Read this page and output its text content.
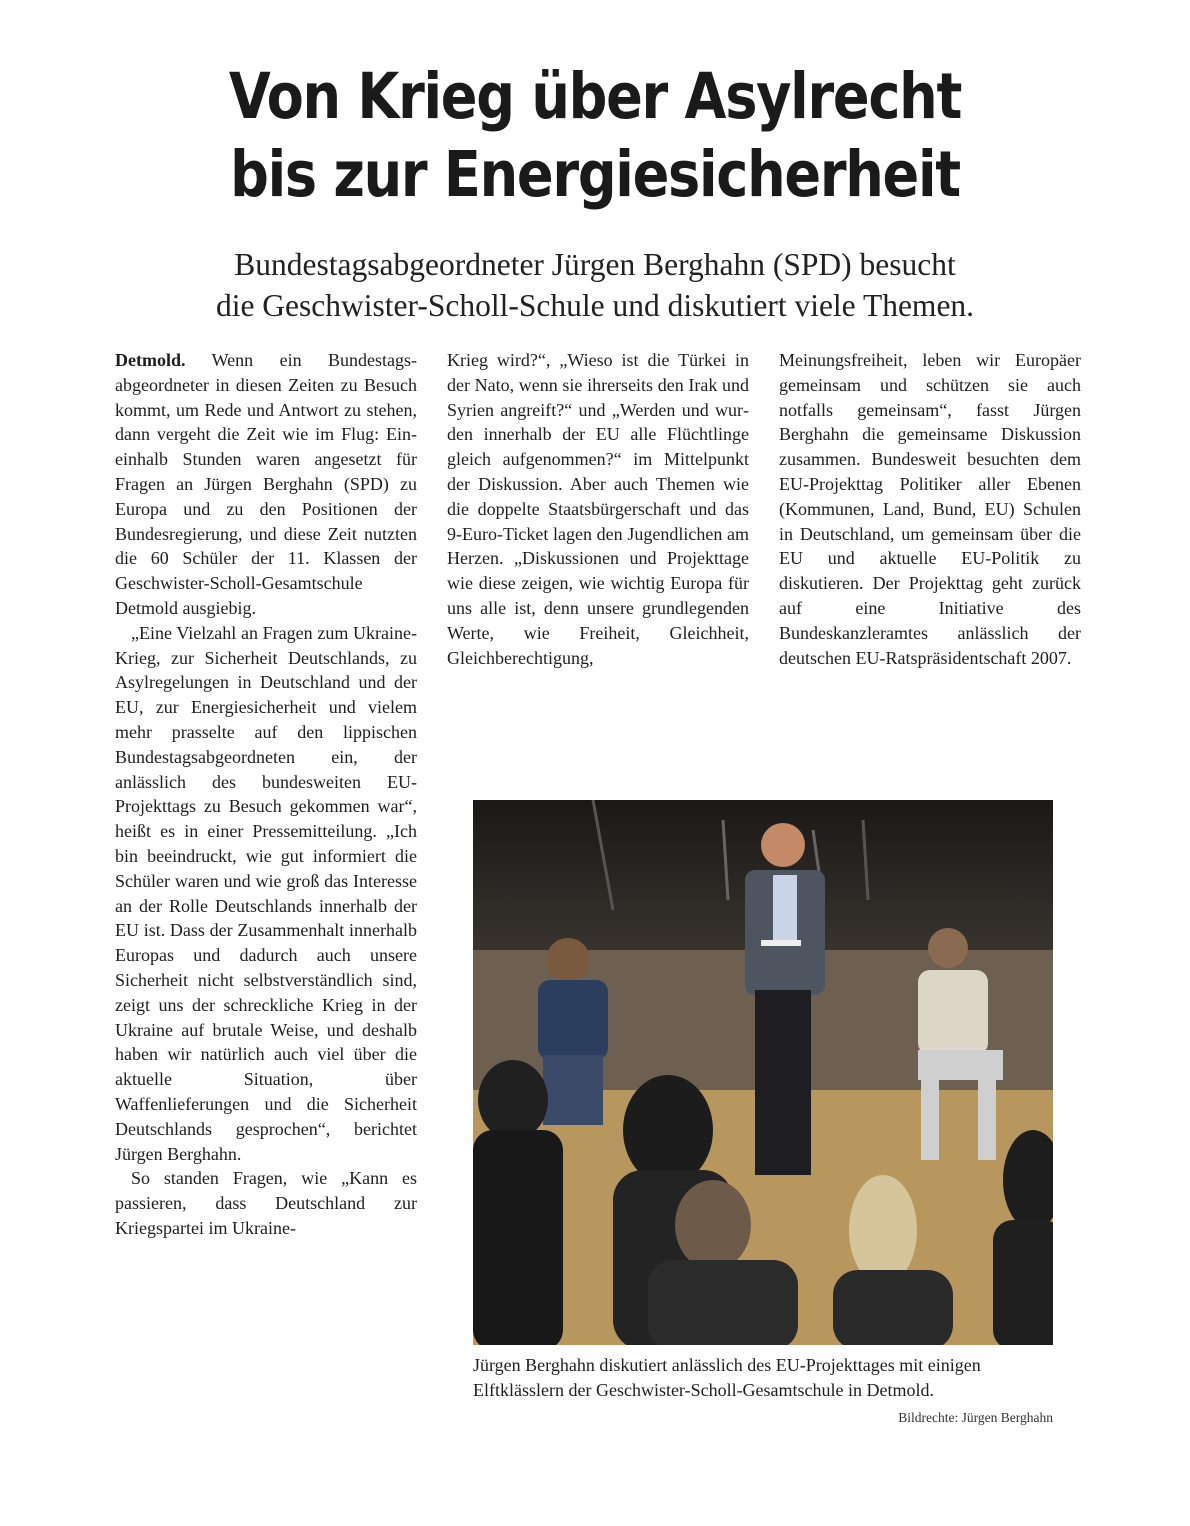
Von Krieg über Asylrecht
bis zur Energiesicherheit
Bundestagsabgeordneter Jürgen Berghahn (SPD) besucht
die Geschwister-Scholl-Schule und diskutiert viele Themen.

Detmold. Wenn ein Bundestagsabgeordneter in diesen Zeiten zu Besuch kommt, um Rede und Antwort zu stehen, dann vergeht die Zeit wie im Flug: Eineinhalb Stunden waren angesetzt für Fragen an Jürgen Berghahn (SPD) zu Europa und zu den Positionen der Bundesregierung, und diese Zeit nutzten die 60 Schüler der 11. Klassen der Geschwister-Scholl-Gesamtschule Detmold ausgiebig.

„Eine Vielzahl an Fragen zum Ukraine-Krieg, zur Sicherheit Deutschlands, zu Asylregelungen in Deutschland und der EU, zur Energiesicherheit und vielem mehr prasselte auf den lippischen Bundestagsabgeordneten ein, der anlässlich des bundesweiten EU-Projekttags zu Besuch gekommen war“, heißt es in einer Pressemitteilung. „Ich bin beeindruckt, wie gut informiert die Schüler waren und wie groß das Interesse an der Rolle Deutschlands innerhalb der EU ist. Dass der Zusammenhalt innerhalb Europas und dadurch auch unsere Sicherheit nicht selbstverständlich sind, zeigt uns der schreckliche Krieg in der Ukraine auf brutale Weise, und deshalb haben wir natürlich auch viel über die aktuelle Situation, über Waffenlieferungen und die Sicherheit Deutschlands gesprochen“, berichtet Jürgen Berghahn.

So standen Fragen, wie „Kann es passieren, dass Deutschland zur Kriegspartei im Ukraine-

Krieg wird?“, „Wieso ist die Türkei in der Nato, wenn sie ihrerseits den Irak und Syrien angreift?“ und „Werden und wurden innerhalb der EU alle Flüchtlinge gleich aufgenommen?“ im Mittelpunkt der Diskussion. Aber auch Themen wie die doppelte Staatsbürgerschaft und das 9-Euro-Ticket lagen den Jugendlichen am Herzen. „Diskussionen und Projekttage wie diese zeigen, wie wichtig Europa für uns alle ist, denn unsere grundlegenden Werte, wie Freiheit, Gleichheit, Gleichberechtigung,

Meinungsfreiheit, leben wir Europäer gemeinsam und schützen sie auch notfalls gemeinsam“, fasst Jürgen Berghahn die gemeinsame Diskussion zusammen. Bundesweit besuchten dem EU-Projekttag Politiker aller Ebenen (Kommunen, Land, Bund, EU) Schulen in Deutschland, um gemeinsam über die EU und aktuelle EU-Politik zu diskutieren. Der Projekttag geht zurück auf eine Initiative des Bundeskanzleramtes anlässlich der deutschen EU-Ratspräsidentschaft 2007.

Jürgen Berghahn diskutiert anlässlich des EU-Projekttages mit einigen Elftklässlern der Geschwister-Scholl-Gesamtschule in Detmold.
Bildrechte: Jürgen Berghahn
